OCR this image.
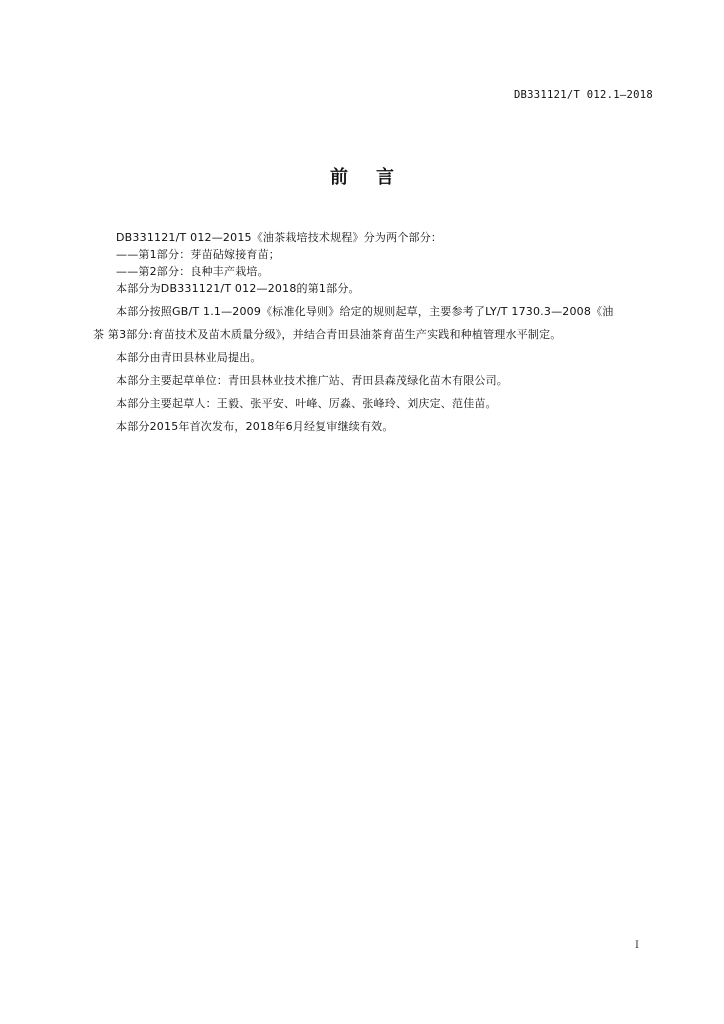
DB331121/T 012.1—2018
前 言
DB331121/T 012—2015《油茶栽培技术规程》分为两个部分：
——第1部分：芽苗砧嫁接育苗；
——第2部分：良种丰产栽培。
本部分为DB331121/T 012—2018的第1部分。
本部分按照GB/T 1.1—2009《标准化导则》给定的规则起草，主要参考了LY/T 1730.3—2008《油
茶 第3部分:育苗技术及苗木质量分级》，并结合青田县油茶育苗生产实践和种植管理水平制定。
本部分由青田县林业局提出。
本部分主要起草单位：青田县林业技术推广站、青田县森茂绿化苗木有限公司。
本部分主要起草人：王毅、张平安、叶峰、厉淼、张峰玲、刘庆定、范佳苗。
本部分2015年首次发布，2018年6月经复审继续有效。
I
